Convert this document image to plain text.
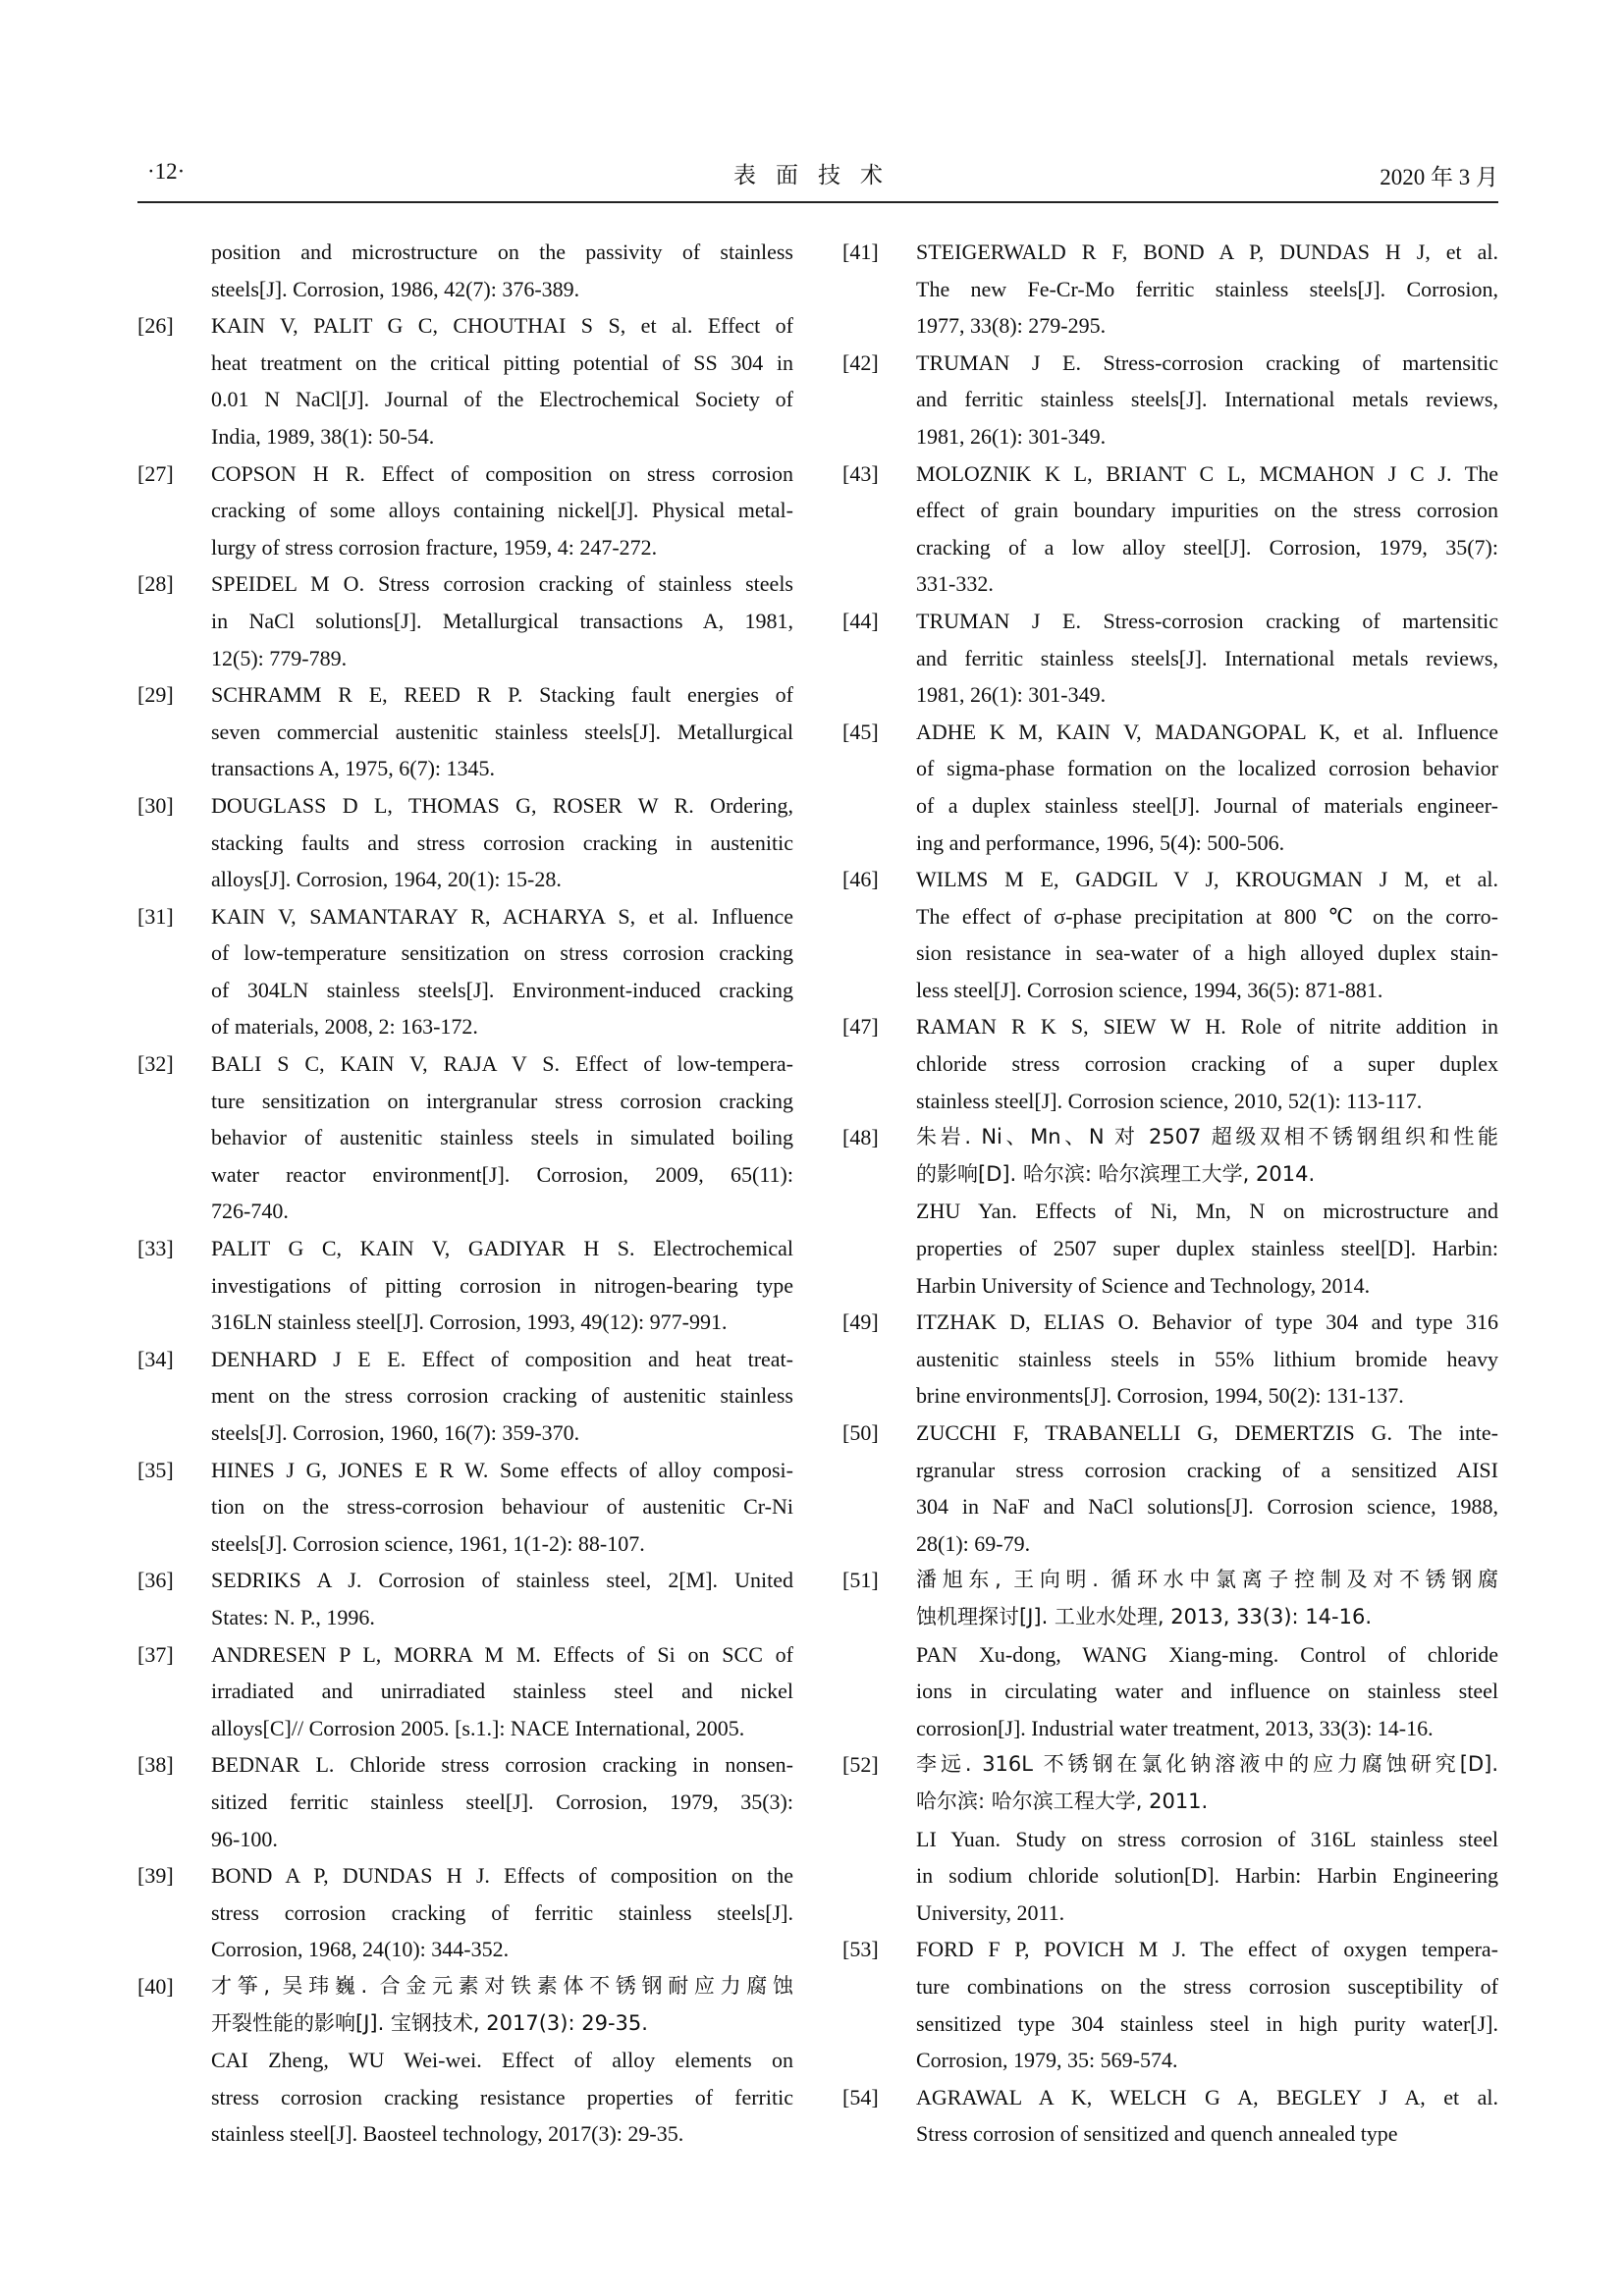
·12·	表面技术	2020 年 3 月
position and microstructure on the passivity of stainless
steels[J]. Corrosion, 1986, 42(7): 376-389.
[26]	KAIN V, PALIT G C, CHOUTHAI S S, et al. Effect of
heat treatment on the critical pitting potential of SS 304 in
0.01 N NaCl[J]. Journal of the Electrochemical Society of
India, 1989, 38(1): 50-54.
[27]	COPSON H R. Effect of composition on stress corrosion
cracking of some alloys containing nickel[J]. Physical metal-
lurgy of stress corrosion fracture, 1959, 4: 247-272.
[28]	SPEIDEL M O. Stress corrosion cracking of stainless steels
in NaCl solutions[J]. Metallurgical transactions A, 1981,
12(5): 779-789.
[29]	SCHRAMM R E, REED R P. Stacking fault energies of
seven commercial austenitic stainless steels[J]. Metallurgical
transactions A, 1975, 6(7): 1345.
[30]	DOUGLASS D L, THOMAS G, ROSER W R. Ordering,
stacking faults and stress corrosion cracking in austenitic
alloys[J]. Corrosion, 1964, 20(1): 15-28.
[31]	KAIN V, SAMANTARAY R, ACHARYA S, et al. Influence
of low-temperature sensitization on stress corrosion cracking
of 304LN stainless steels[J]. Environment-induced cracking
of materials, 2008, 2: 163-172.
[32]	BALI S C, KAIN V, RAJA V S. Effect of low-tempera-
ture sensitization on intergranular stress corrosion cracking
behavior of austenitic stainless steels in simulated boiling
water reactor environment[J]. Corrosion, 2009, 65(11):
726-740.
[33]	PALIT G C, KAIN V, GADIYAR H S. Electrochemical
investigations of pitting corrosion in nitrogen-bearing type
316LN stainless steel[J]. Corrosion, 1993, 49(12): 977-991.
[34]	DENHARD J E E. Effect of composition and heat treat-
ment on the stress corrosion cracking of austenitic stainless
steels[J]. Corrosion, 1960, 16(7): 359-370.
[35]	HINES J G, JONES E R W. Some effects of alloy composi-
tion on the stress-corrosion behaviour of austenitic Cr-Ni
steels[J]. Corrosion science, 1961, 1(1-2): 88-107.
[36]	SEDRIKS A J. Corrosion of stainless steel, 2[M]. United
States: N. P., 1996.
[37]	ANDRESEN P L, MORRA M M. Effects of Si on SCC of
irradiated and unirradiated stainless steel and nickel
alloys[C]// Corrosion 2005. [s.1.]: NACE International, 2005.
[38]	BEDNAR L. Chloride stress corrosion cracking in nonsen-
sitized ferritic stainless steel[J]. Corrosion, 1979, 35(3):
96-100.
[39]	BOND A P, DUNDAS H J. Effects of composition on the
stress corrosion cracking of ferritic stainless steels[J].
Corrosion, 1968, 24(10): 344-352.
[40]	才筝, 吴玮巍. 合金元素对铁素体不锈钢耐应力腐蚀
开裂性能的影响[J]. 宝钢技术, 2017(3): 29-35.
CAI Zheng, WU Wei-wei. Effect of alloy elements on
stress corrosion cracking resistance properties of ferritic
stainless steel[J]. Baosteel technology, 2017(3): 29-35.
[41]	STEIGERWALD R F, BOND A P, DUNDAS H J, et al.
The new Fe-Cr-Mo ferritic stainless steels[J]. Corrosion,
1977, 33(8): 279-295.
[42]	TRUMAN J E. Stress-corrosion cracking of martensitic
and ferritic stainless steels[J]. International metals reviews,
1981, 26(1): 301-349.
[43]	MOLOZNIK K L, BRIANT C L, MCMAHON J C J. The
effect of grain boundary impurities on the stress corrosion
cracking of a low alloy steel[J]. Corrosion, 1979, 35(7):
331-332.
[44]	TRUMAN J E. Stress-corrosion cracking of martensitic
and ferritic stainless steels[J]. International metals reviews,
1981, 26(1): 301-349.
[45]	ADHE K M, KAIN V, MADANGOPAL K, et al. Influence
of sigma-phase formation on the localized corrosion behavior
of a duplex stainless steel[J]. Journal of materials engineer-
ing and performance, 1996, 5(4): 500-506.
[46]	WILMS M E, GADGIL V J, KROUGMAN J M, et al.
The effect of σ-phase precipitation at 800 ℃ on the corro-
sion resistance in sea-water of a high alloyed duplex stain-
less steel[J]. Corrosion science, 1994, 36(5): 871-881.
[47]	RAMAN R K S, SIEW W H. Role of nitrite addition in
chloride stress corrosion cracking of a super duplex
stainless steel[J]. Corrosion science, 2010, 52(1): 113-117.
[48]	朱岩. Ni、Mn、N 对 2507 超级双相不锈钢组织和性能
的影响[D]. 哈尔滨: 哈尔滨理工大学, 2014.
ZHU Yan. Effects of Ni, Mn, N on microstructure and
properties of 2507 super duplex stainless steel[D]. Harbin:
Harbin University of Science and Technology, 2014.
[49]	ITZHAK D, ELIAS O. Behavior of type 304 and type 316
austenitic stainless steels in 55% lithium bromide heavy
brine environments[J]. Corrosion, 1994, 50(2): 131-137.
[50]	ZUCCHI F, TRABANELLI G, DEMERTZIS G. The inte-
rgranular stress corrosion cracking of a sensitized AISI
304 in NaF and NaCl solutions[J]. Corrosion science, 1988,
28(1): 69-79.
[51]	潘旭东, 王向明. 循环水中氯离子控制及对不锈钢腐
蚀机理探讨[J]. 工业水处理, 2013, 33(3): 14-16.
PAN Xu-dong, WANG Xiang-ming. Control of chloride
ions in circulating water and influence on stainless steel
corrosion[J]. Industrial water treatment, 2013, 33(3): 14-16.
[52]	李远. 316L 不锈钢在氯化钠溶液中的应力腐蚀研究[D].
哈尔滨: 哈尔滨工程大学, 2011.
LI Yuan. Study on stress corrosion of 316L stainless steel
in sodium chloride solution[D]. Harbin: Harbin Engineering
University, 2011.
[53]	FORD F P, POVICH M J. The effect of oxygen tempera-
ture combinations on the stress corrosion susceptibility of
sensitized type 304 stainless steel in high purity water[J].
Corrosion, 1979, 35: 569-574.
[54]	AGRAWAL A K, WELCH G A, BEGLEY J A, et al.
Stress corrosion of sensitized and quench annealed type
